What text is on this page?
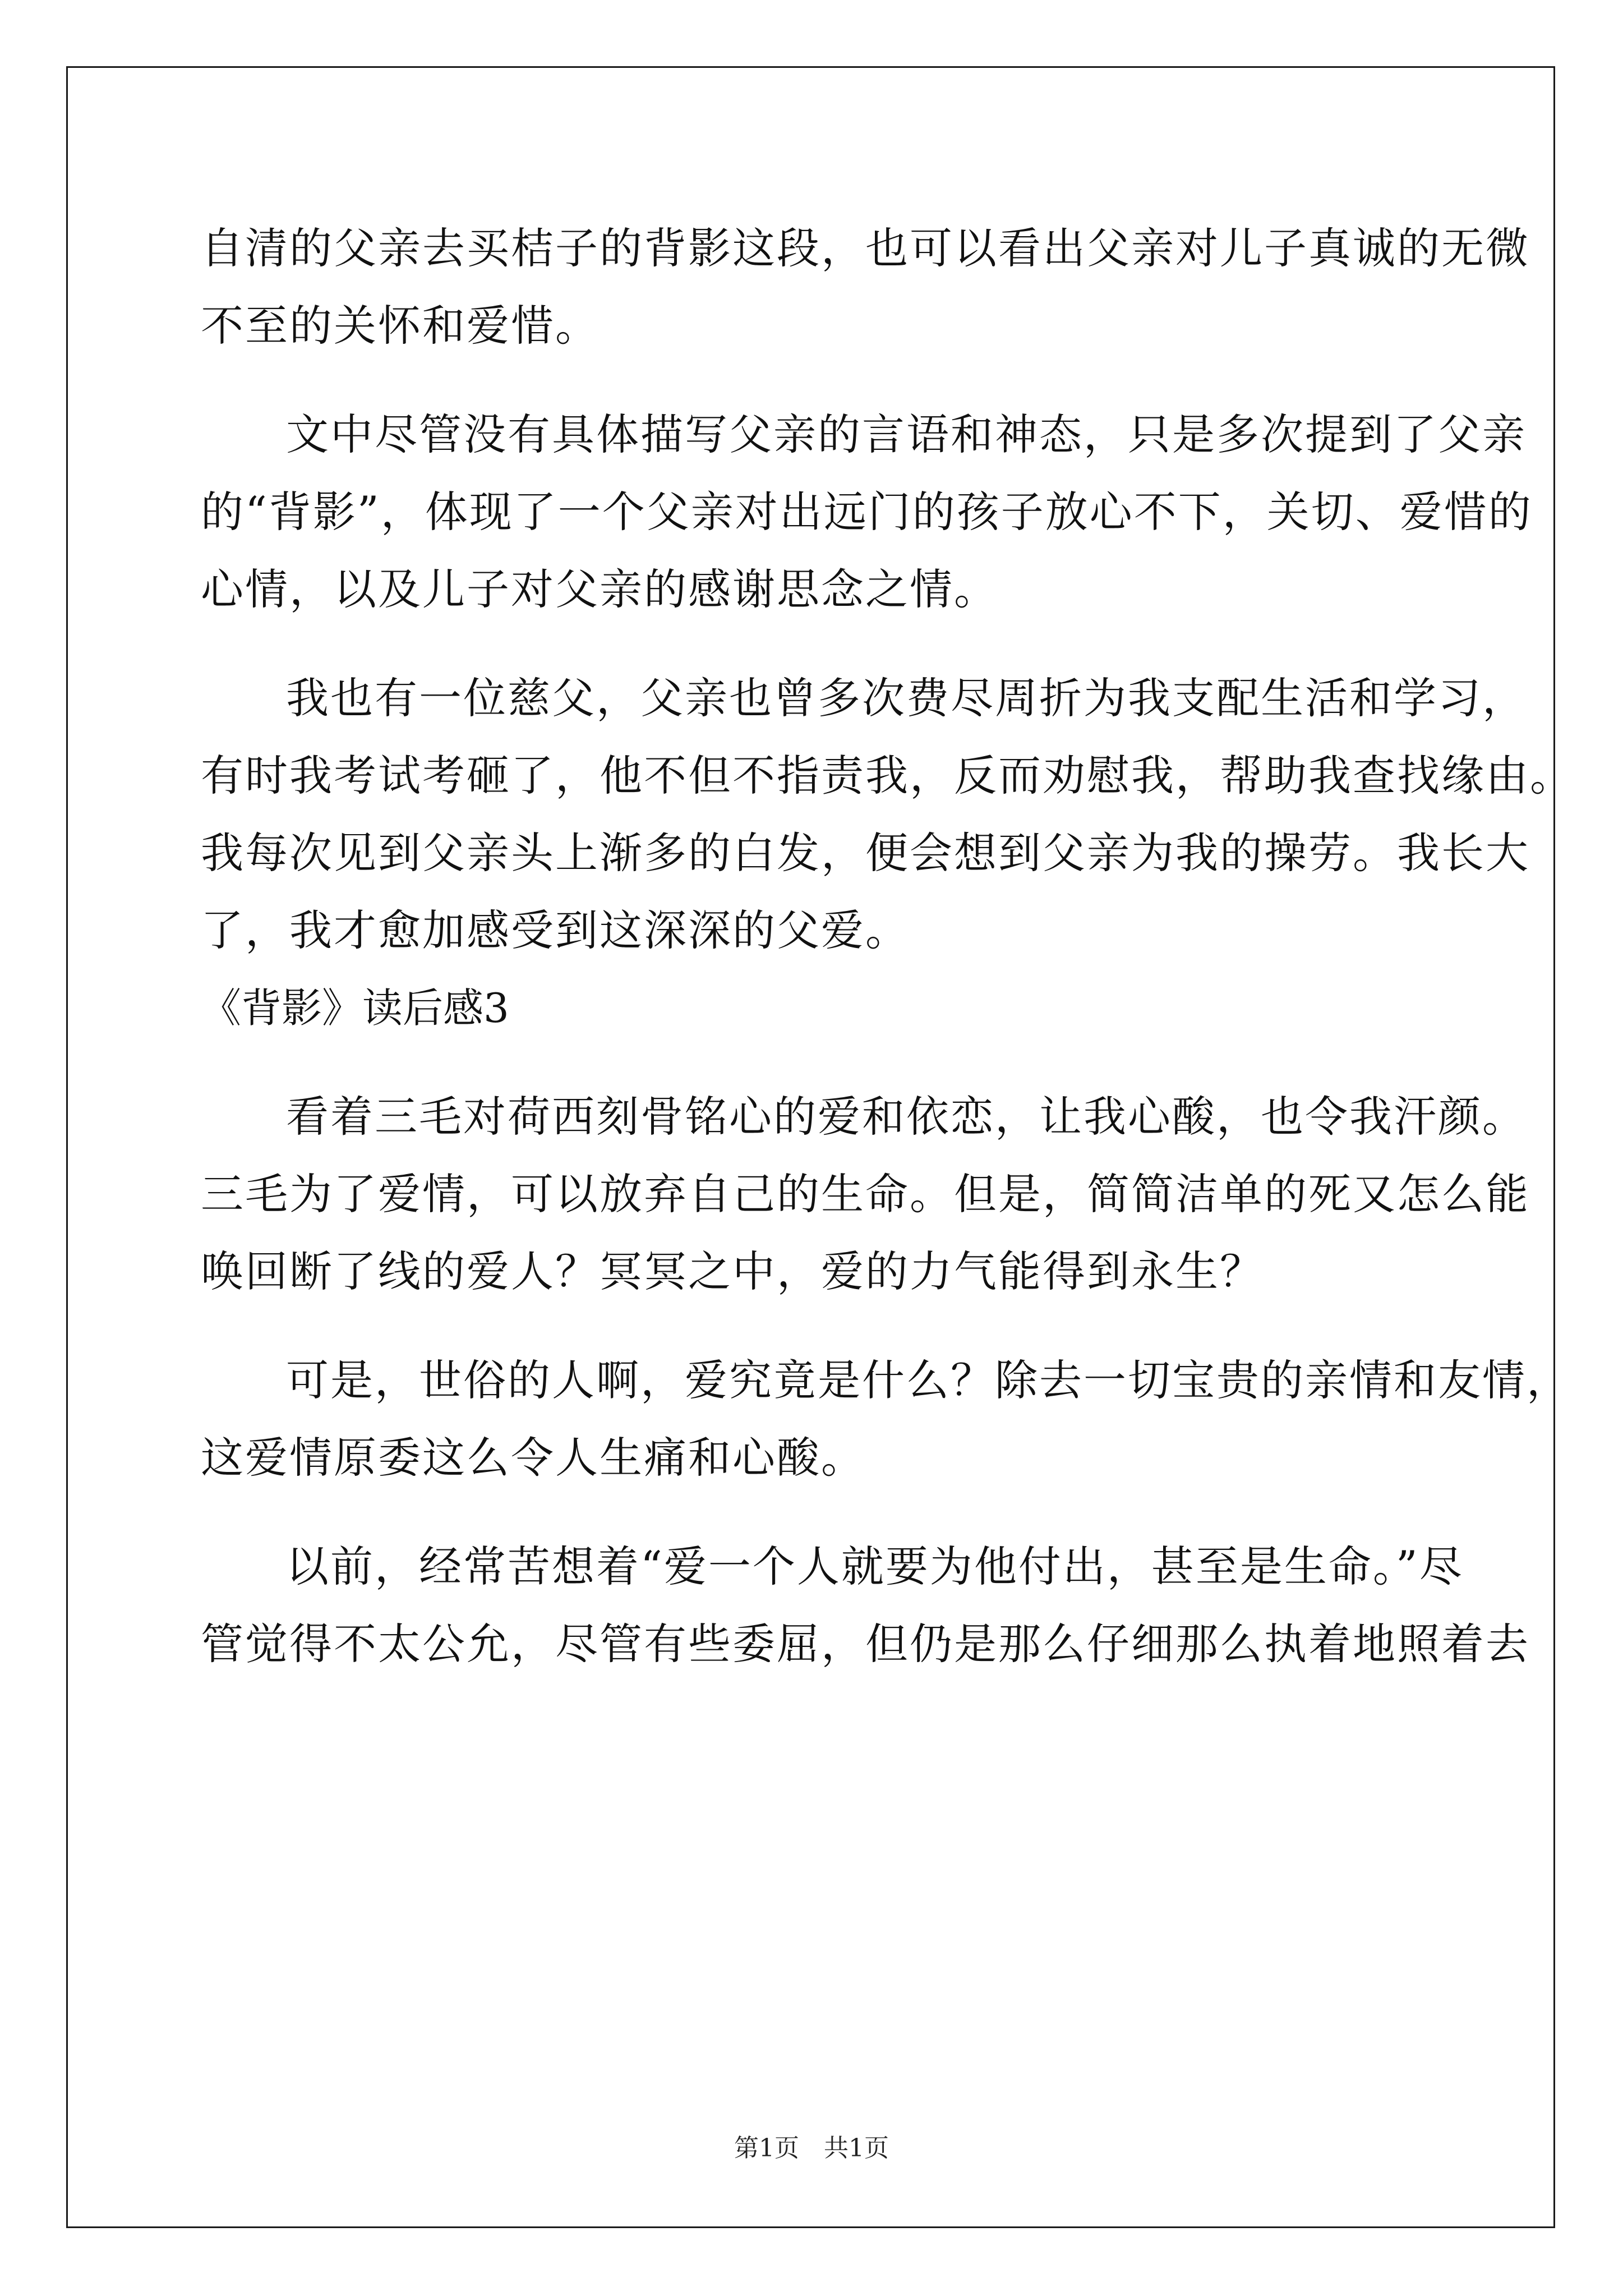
自清的父亲去买桔子的背影这段，也可以看出父亲对儿子真诚的无微
不至的关怀和爱惜。
文中尽管没有具体描写父亲的言语和神态，只是多次提到了父亲
的“背影”，体现了一个父亲对出远门的孩子放心不下，关切、爱惜的
心情，以及儿子对父亲的感谢思念之情。
我也有一位慈父，父亲也曾多次费尽周折为我支配生活和学习，
有时我考试考砸了，他不但不指责我，反而劝慰我，帮助我查找缘由。
我每次见到父亲头上渐多的白发，便会想到父亲为我的操劳。我长大
了，我才愈加感受到这深深的父爱。
《背影》读后感3
看着三毛对荷西刻骨铭心的爱和依恋，让我心酸，也令我汗颜。
三毛为了爱情，可以放弃自己的生命。但是，简简洁单的死又怎么能
唤回断了线的爱人？冥冥之中，爱的力气能得到永生？
可是，世俗的人啊，爱究竟是什么？除去一切宝贵的亲情和友情，
这爱情原委这么令人生痛和心酸。
以前，经常苦想着“爱一个人就要为他付出，甚至是生命。”尽
管觉得不太公允，尽管有些委屈，但仍是那么仔细那么执着地照着去
第1页 共1页
